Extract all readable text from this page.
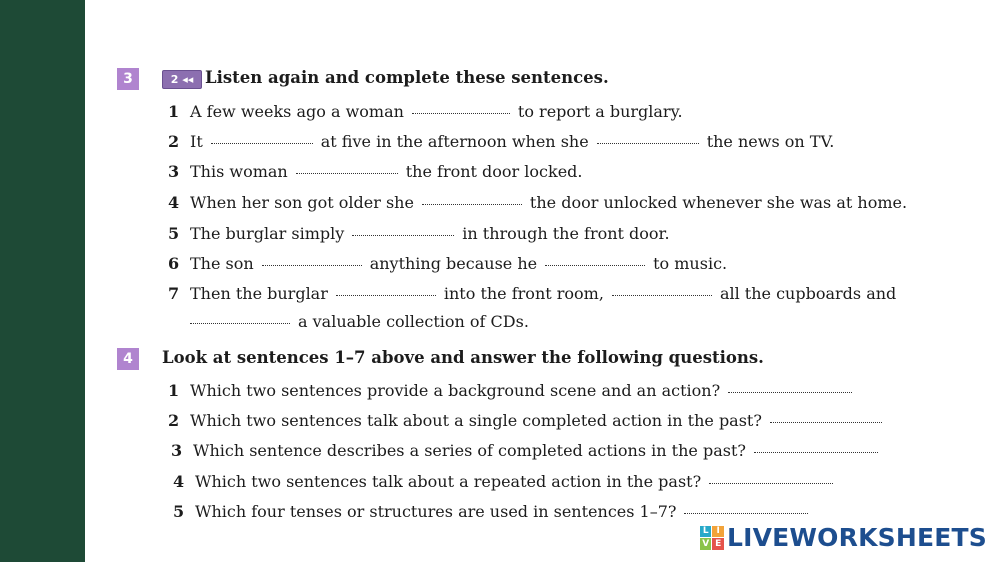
3	2 ◂◂ Listen again and complete these sentences.
1 A few weeks ago a woman	to report a burglary.
2 It	at five in the afternoon when she	the news on TV.
3 This woman	the front door locked.
4 When her son got older she	the door unlocked whenever she was at home.
5 The burglar simply	in through the front door.
6 The son	anything because he	to music.
7 Then the burglar	into the front room,	all the cupboards and
a valuable collection of CDs.
4	Look at sentences 1–7 above and answer the following questions.
1 Which two sentences provide a background scene and an action?
2 Which two sentences talk about a single completed action in the past?
3 Which sentence describes a series of completed actions in the past?
4 Which two sentences talk about a repeated action in the past?
5 Which four tenses or structures are used in sentences 1–7?
L I
V E LIVEWORKSHEETS
